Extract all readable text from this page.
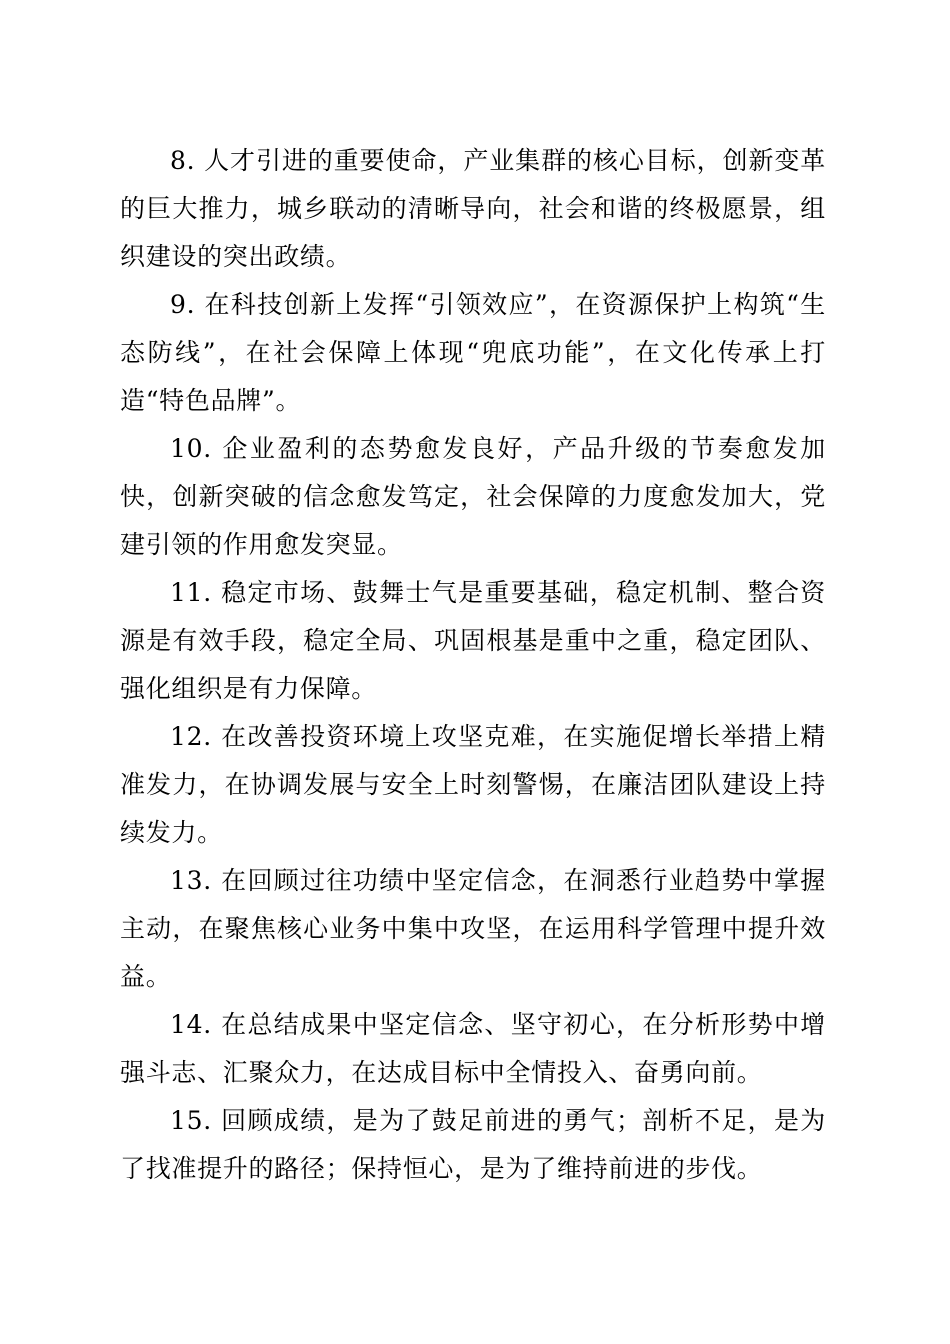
8. 人才引进的重要使命，产业集群的核心目标，创新变革的巨大推力，城乡联动的清晰导向，社会和谐的终极愿景，组织建设的突出政绩。

9. 在科技创新上发挥“引领效应”，在资源保护上构筑“生态防线”，在社会保障上体现“兜底功能”，在文化传承上打造“特色品牌”。

10. 企业盈利的态势愈发良好，产品升级的节奏愈发加快，创新突破的信念愈发笃定，社会保障的力度愈发加大，党建引领的作用愈发突显。

11. 稳定市场、鼓舞士气是重要基础，稳定机制、整合资源是有效手段，稳定全局、巩固根基是重中之重，稳定团队、强化组织是有力保障。

12. 在改善投资环境上攻坚克难，在实施促增长举措上精准发力，在协调发展与安全上时刻警惕，在廉洁团队建设上持续发力。

13. 在回顾过往功绩中坚定信念，在洞悉行业趋势中掌握主动，在聚焦核心业务中集中攻坚，在运用科学管理中提升效益。

14. 在总结成果中坚定信念、坚守初心，在分析形势中增强斗志、汇聚众力，在达成目标中全情投入、奋勇向前。

15. 回顾成绩，是为了鼓足前进的勇气；剖析不足，是为了找准提升的路径；保持恒心，是为了维持前进的步伐。
